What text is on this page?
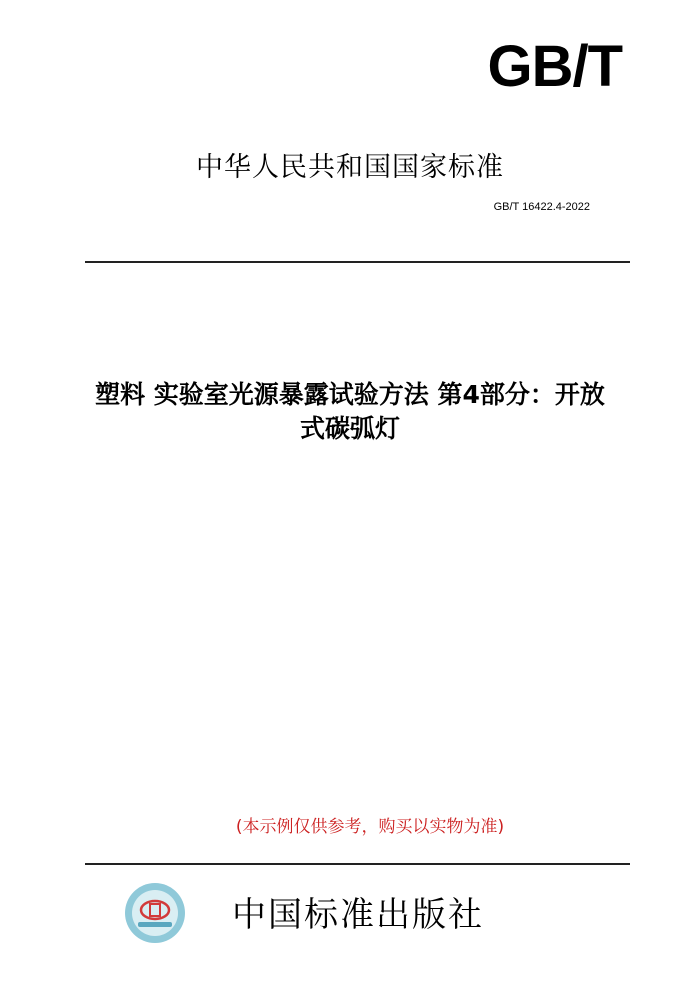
GB/T
中华人民共和国国家标准
GB/T 16422.4-2022
塑料 实验室光源暴露试验方法 第4部分：开放
式碳弧灯
(本示例仅供参考，购买以实物为准)
中国标准出版社
